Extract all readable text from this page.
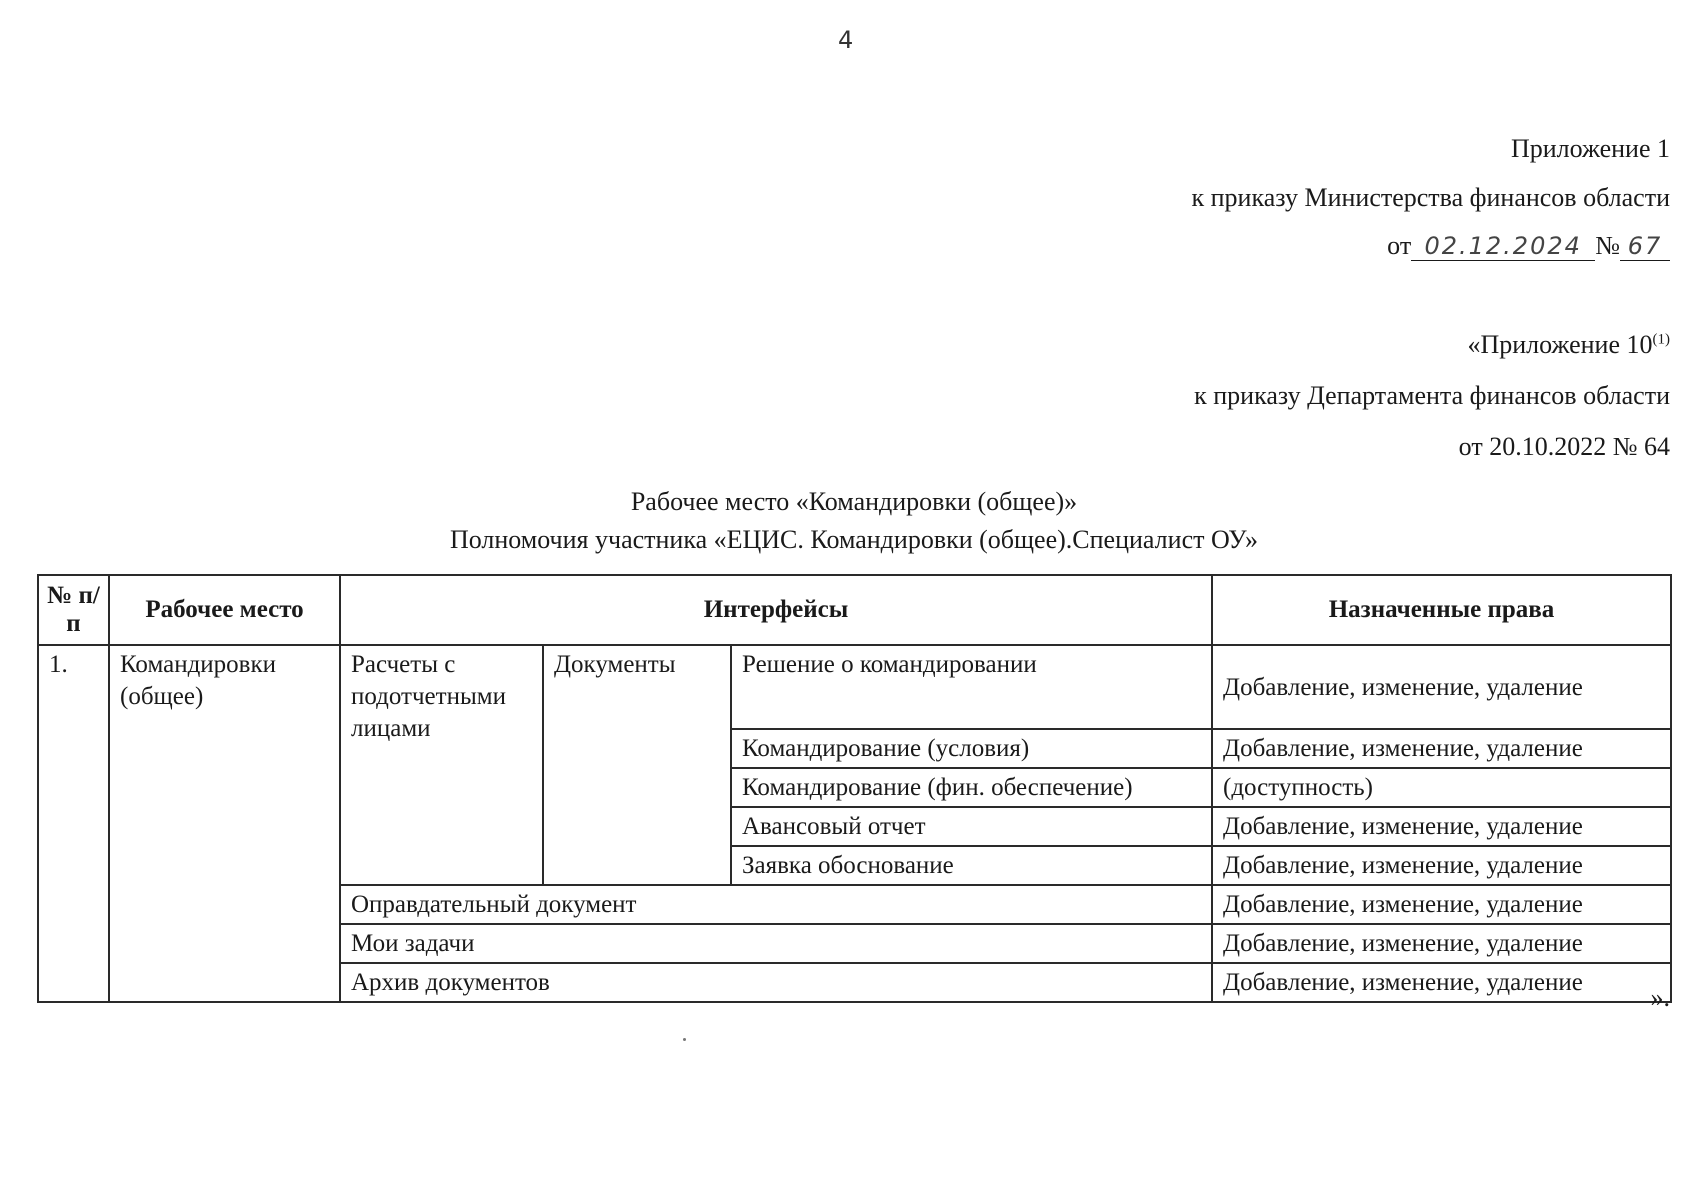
4
Приложение 1
к приказу Министерства финансов области
от 02.12.2024 № 67
«Приложение 10$^{(1)}$
к приказу Департамента финансов области
от 20.10.2022 № 64
Рабочее место «Командировки (общее)»
Полномочия участника «ЕЦИС. Командировки (общее).Специалист ОУ»
№ п/п	Рабочее место	Интерфейсы			Назначенные права
1.	Командировки (общее)	Расчеты с подотчетными лицами	Документы	Решение о командировании	Добавление, изменение, удаление
				Командирование (условия)	Добавление, изменение, удаление
				Командирование (фин. обеспечение)	(доступность)
				Авансовый отчет	Добавление, изменение, удаление
				Заявка обоснование	Добавление, изменение, удаление
		Оправдательный документ			Добавление, изменение, удаление
		Мои задачи			Добавление, изменение, удаление
		Архив документов			Добавление, изменение, удаление
».
